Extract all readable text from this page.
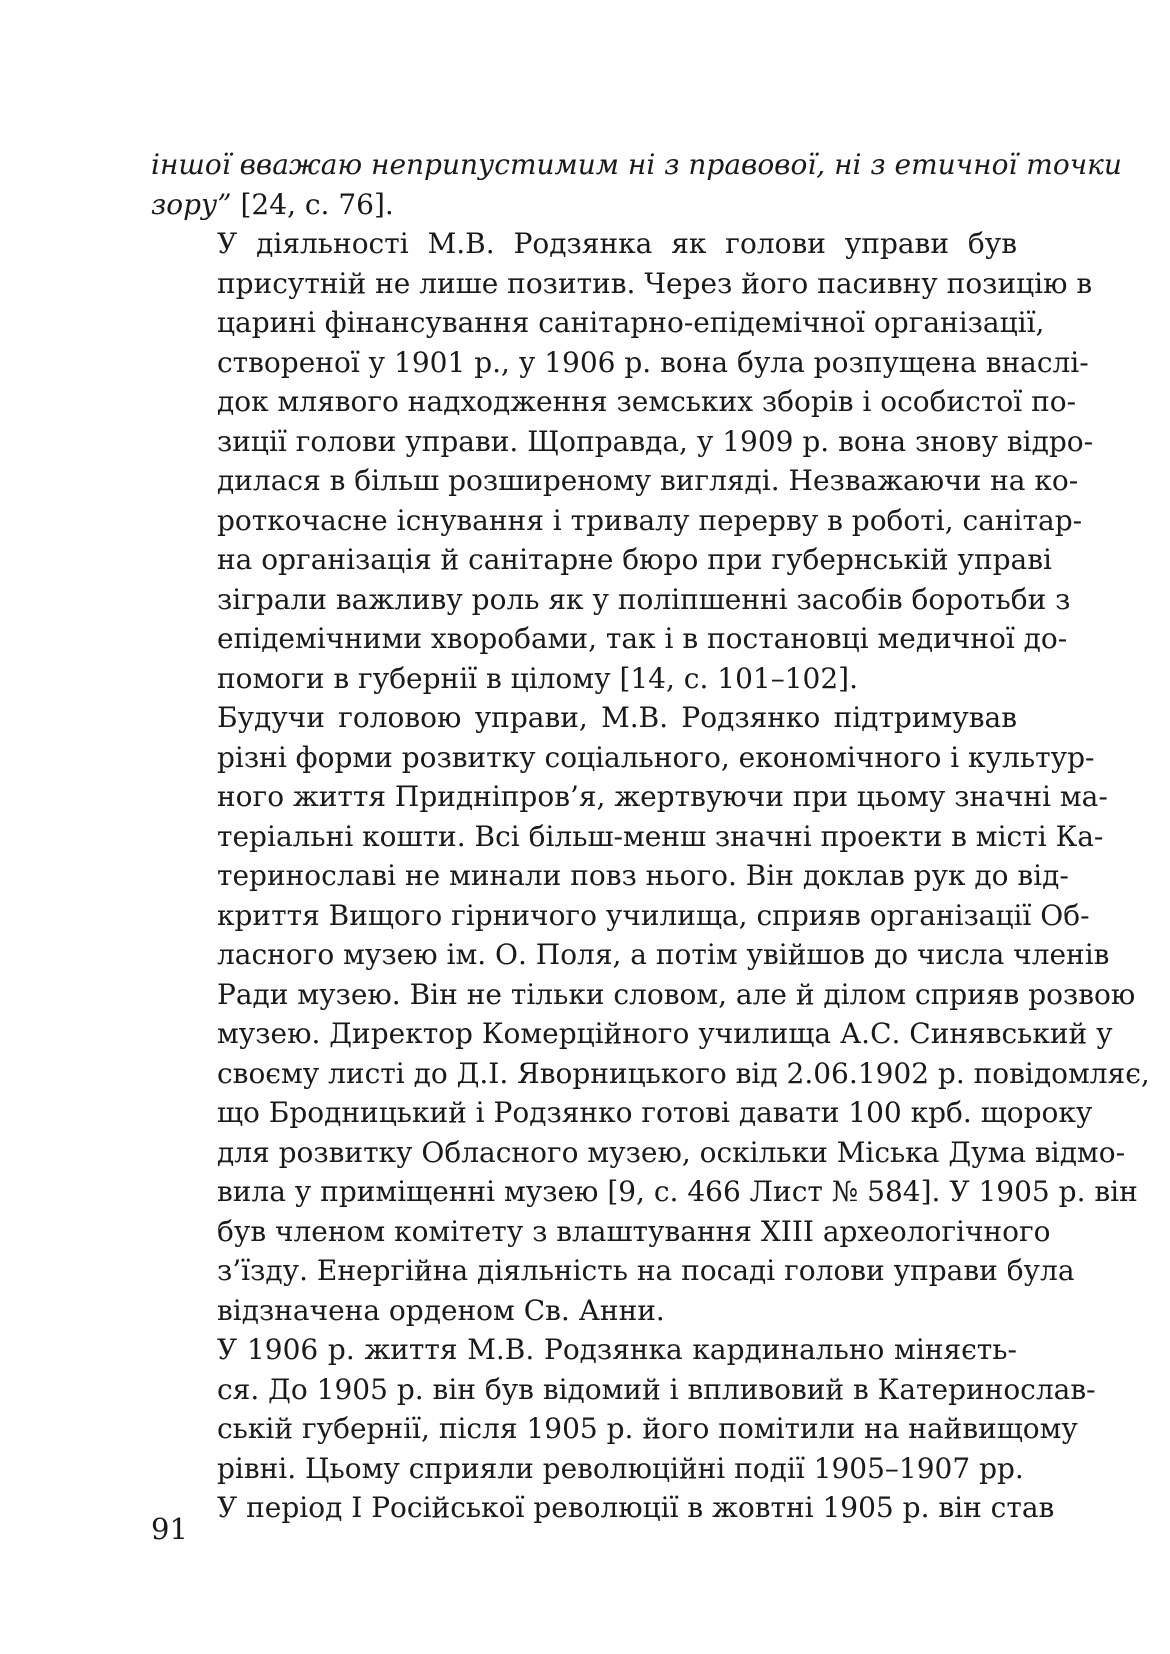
іншої вважаю неприпустимим ні з правової, ні з етичної точки
зору” [24, с. 76].

У діяльності М.В. Родзянка як голови управи був
присутній не лише позитив. Через його пасивну позицію в
царині фінансування санітарно-епідемічної організації,
створеної у 1901 р., у 1906 р. вона була розпущена внаслі-
док млявого надходження земських зборів і особистої по-
зиції голови управи. Щоправда, у 1909 р. вона знову відро-
дилася в більш розширеному вигляді. Незважаючи на ко-
роткочасне існування і тривалу перерву в роботі, санітар-
на організація й санітарне бюро при губернській управі
зіграли важливу роль як у поліпшенні засобів боротьби з
епідемічними хворобами, так і в постановці медичної до-
помоги в губернії в цілому [14, с. 101–102].

Будучи головою управи, М.В. Родзянко підтримував
різні форми розвитку соціального, економічного і культур-
ного життя Придніпров’я, жертвуючи при цьому значні ма-
теріальні кошти. Всі більш-менш значні проекти в місті Ка-
теринославі не минали повз нього. Він доклав рук до від-
криття Вищого гірничого училища, сприяв організації Об-
ласного музею ім. О. Поля, а потім увійшов до числа членів
Ради музею. Він не тільки словом, але й ділом сприяв розвою
музею. Директор Комерційного училища А.С. Синявський у
своєму листі до Д.І. Яворницького від 2.06.1902 р. повідомляє,
що Бродницький і Родзянко готові давати 100 крб. щороку
для розвитку Обласного музею, оскільки Міська Дума відмо-
вила у приміщенні музею [9, с. 466 Лист № 584]. У 1905 р. він
був членом комітету з влаштування XIII археологічного
з’їзду. Енергійна діяльність на посаді голови управи була
відзначена орденом Св. Анни.

У 1906 р. життя М.В. Родзянка кардинально міняєть-
ся. До 1905 р. він був відомий і впливовий в Катеринослав-
ській губернії, після 1905 р. його помітили на найвищому
рівні. Цьому сприяли революційні події 1905–1907 рр.
У період І Російської революції в жовтні 1905 р. він став

91
